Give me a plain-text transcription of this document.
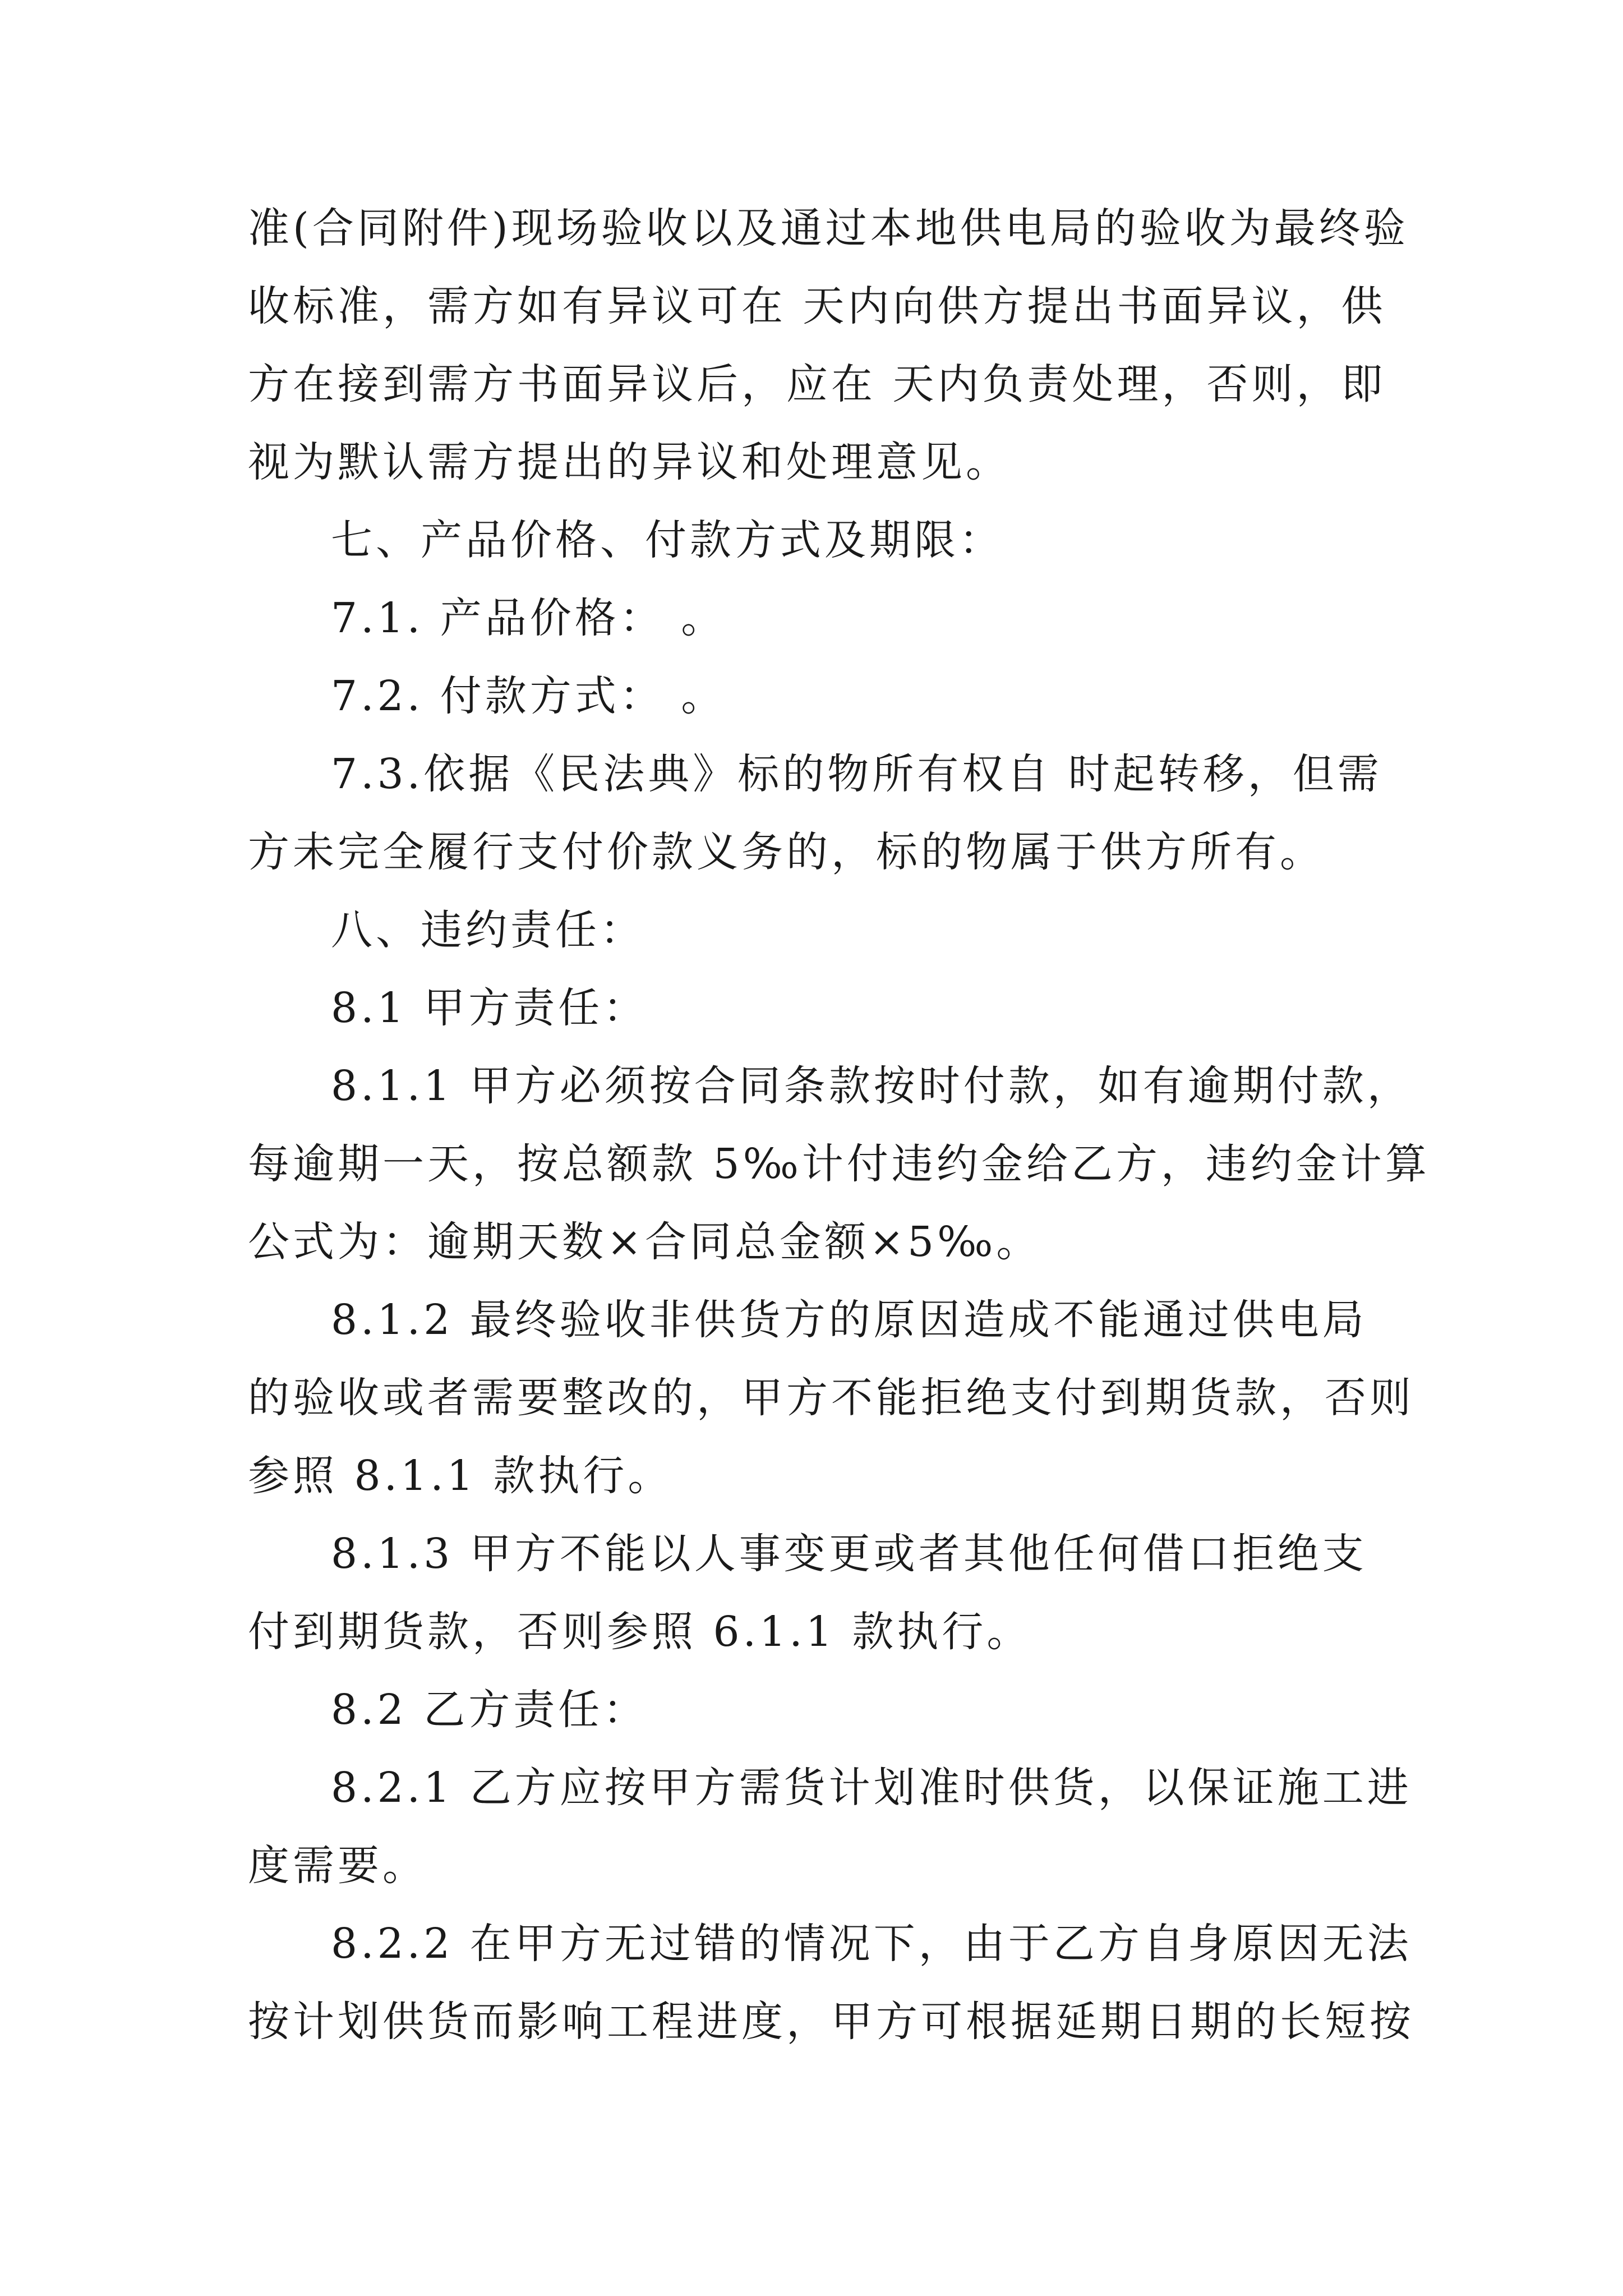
准(合同附件)现场验收以及通过本地供电局的验收为最终验
收标准，需方如有异议可在 天内向供方提出书面异议，供
方在接到需方书面异议后，应在 天内负责处理，否则，即
视为默认需方提出的异议和处理意见。
七、产品价格、付款方式及期限：
7.1. 产品价格： 。
7.2. 付款方式： 。
7.3.依据《民法典》标的物所有权自 时起转移，但需
方未完全履行支付价款义务的，标的物属于供方所有。
八、违约责任：
8.1 甲方责任：
8.1.1 甲方必须按合同条款按时付款，如有逾期付款，
每逾期一天，按总额款 5‰计付违约金给乙方，违约金计算
公式为：逾期天数×合同总金额×5‰。
8.1.2 最终验收非供货方的原因造成不能通过供电局
的验收或者需要整改的，甲方不能拒绝支付到期货款，否则
参照 8.1.1 款执行。
8.1.3 甲方不能以人事变更或者其他任何借口拒绝支
付到期货款，否则参照 6.1.1 款执行。
8.2 乙方责任：
8.2.1 乙方应按甲方需货计划准时供货，以保证施工进
度需要。
8.2.2 在甲方无过错的情况下，由于乙方自身原因无法
按计划供货而影响工程进度，甲方可根据延期日期的长短按
